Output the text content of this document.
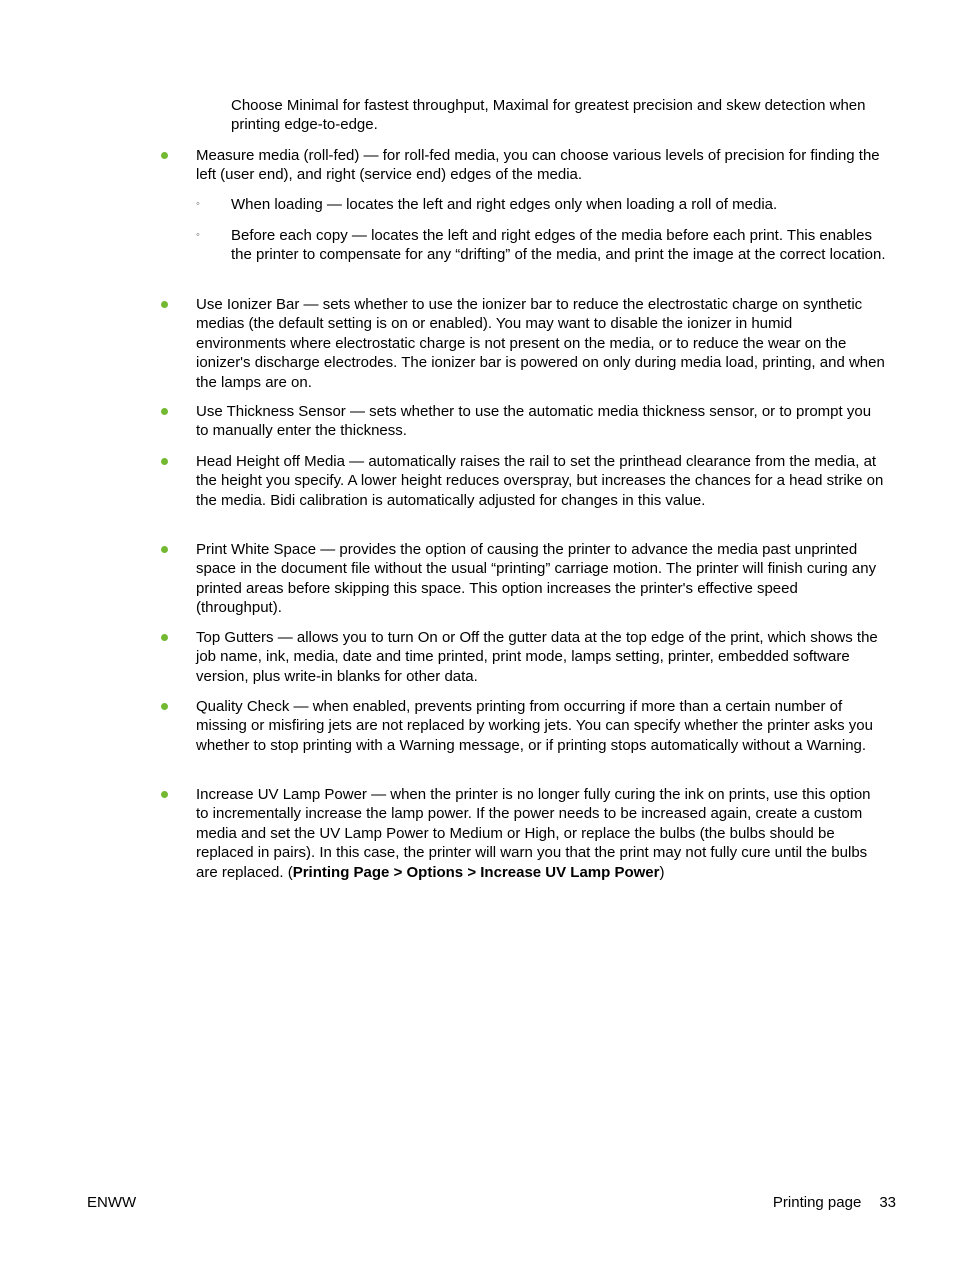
Choose Minimal for fastest throughput, Maximal for greatest precision and skew detection when printing edge-to-edge.

Measure media (roll-fed) — for roll-fed media, you can choose various levels of precision for finding the left (user end), and right (service end) edges of the media.
◦	When loading — locates the left and right edges only when loading a roll of media.
◦	Before each copy — locates the left and right edges of the media before each print. This enables the printer to compensate for any “drifting” of the media, and print the image at the correct location.
Use Ionizer Bar — sets whether to use the ionizer bar to reduce the electrostatic charge on synthetic medias (the default setting is on or enabled). You may want to disable the ionizer in humid environments where electrostatic charge is not present on the media, or to reduce the wear on the ionizer's discharge electrodes. The ionizer bar is powered on only during media load, printing, and when the lamps are on.
Use Thickness Sensor — sets whether to use the automatic media thickness sensor, or to prompt you to manually enter the thickness.
Head Height off Media — automatically raises the rail to set the printhead clearance from the media, at the height you specify. A lower height reduces overspray, but increases the chances for a head strike on the media. Bidi calibration is automatically adjusted for changes in this value.
Print White Space — provides the option of causing the printer to advance the media past unprinted space in the document file without the usual “printing” carriage motion. The printer will finish curing any printed areas before skipping this space. This option increases the printer's effective speed (throughput).
Top Gutters — allows you to turn On or Off the gutter data at the top edge of the print, which shows the job name, ink, media, date and time printed, print mode, lamps setting, printer, embedded software version, plus write-in blanks for other data.
Quality Check — when enabled, prevents printing from occurring if more than a certain number of missing or misfiring jets are not replaced by working jets. You can specify whether the printer asks you whether to stop printing with a Warning message, or if printing stops automatically without a Warning.
Increase UV Lamp Power — when the printer is no longer fully curing the ink on prints, use this option to incrementally increase the lamp power. If the power needs to be increased again, create a custom media and set the UV Lamp Power to Medium or High, or replace the bulbs (the bulbs should be replaced in pairs). In this case, the printer will warn you that the print may not fully cure until the bulbs are replaced. (Printing Page > Options > Increase UV Lamp Power)
ENWW	Printing page 33
